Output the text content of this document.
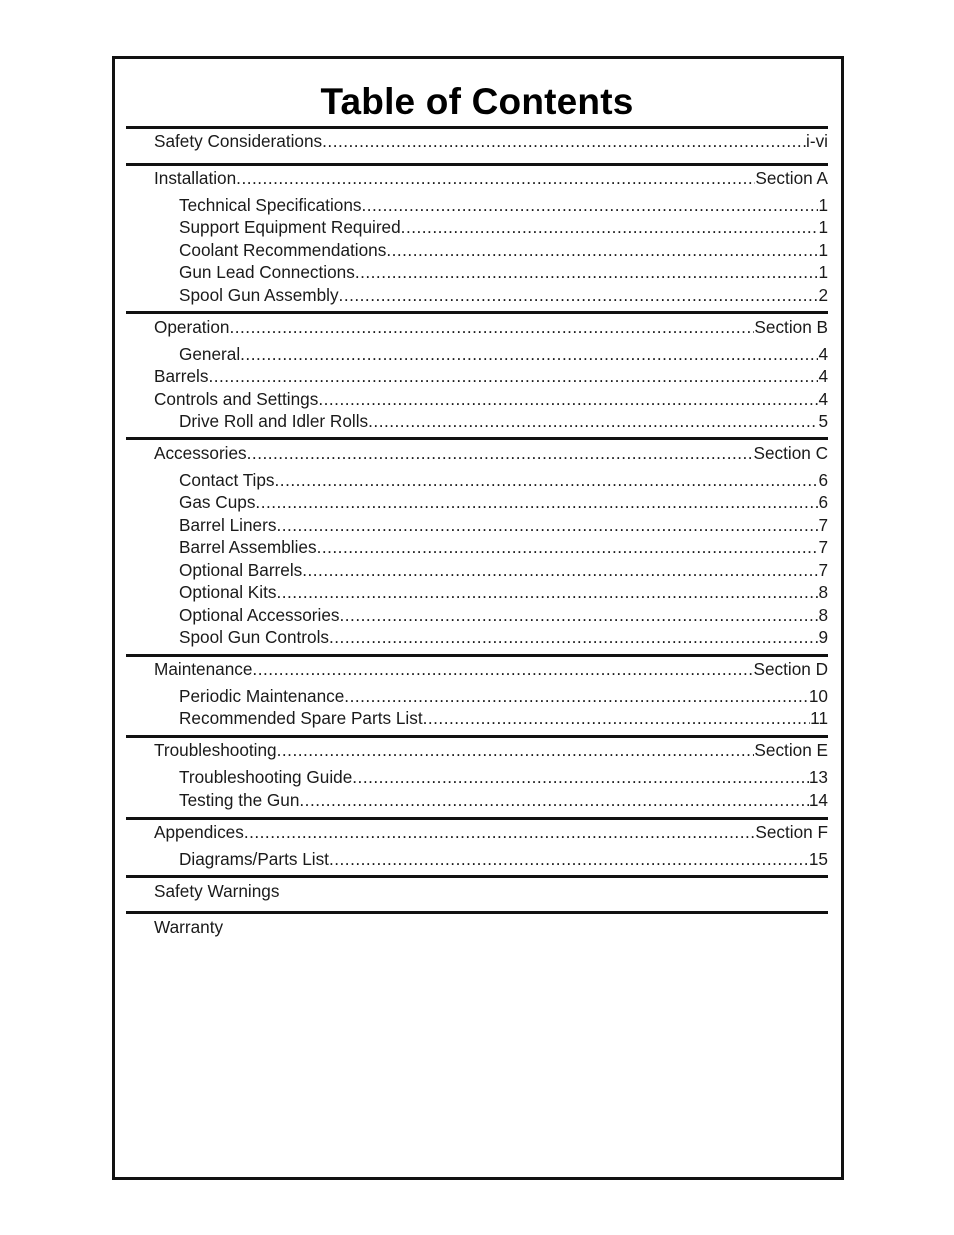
Table of Contents
Safety Considerations .....	i-vi
Installation .....	Section A
Technical Specifications .....	1
Support Equipment Required .....	1
Coolant Recommendations .....	1
Gun Lead Connections .....	1
Spool Gun Assembly .....	2
Operation .....	Section B
General .....	4
Barrels .....	4
Controls and Settings .....	4
Drive Roll and Idler Rolls .....	5
Accessories .....	Section C
Contact Tips .....	6
Gas Cups .....	6
Barrel Liners .....	7
Barrel Assemblies .....	7
Optional Barrels .....	7
Optional Kits .....	8
Optional Accessories .....	8
Spool Gun Controls .....	9
Maintenance .....	Section D
Periodic Maintenance .....	10
Recommended Spare Parts List .....	11
Troubleshooting .....	Section E
Troubleshooting Guide .....	13
Testing the Gun .....	14
Appendices .....	Section F
Diagrams/Parts List .....	15
Safety Warnings
Warranty
